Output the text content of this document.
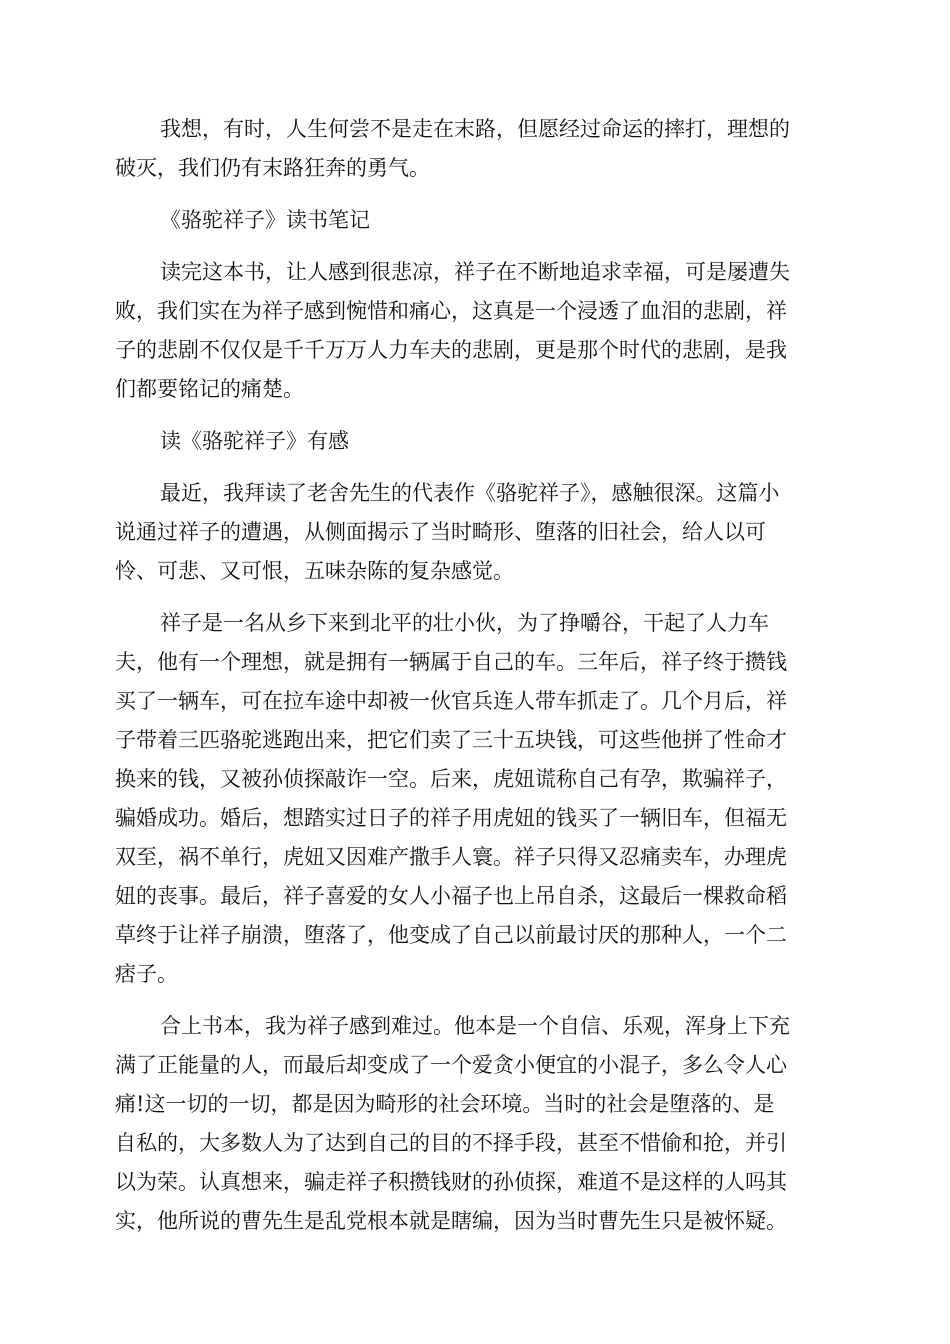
我想，有时，人生何尝不是走在末路，但愿经过命运的摔打，理想的
破灭，我们仍有末路狂奔的勇气。
《骆驼祥子》读书笔记
读完这本书，让人感到很悲凉，祥子在不断地追求幸福，可是屡遭失
败，我们实在为祥子感到惋惜和痛心，这真是一个浸透了血泪的悲剧，祥
子的悲剧不仅仅是千千万万人力车夫的悲剧，更是那个时代的悲剧，是我
们都要铭记的痛楚。
读《骆驼祥子》有感
最近，我拜读了老舍先生的代表作《骆驼祥子》，感触很深。这篇小
说通过祥子的遭遇，从侧面揭示了当时畸形、堕落的旧社会，给人以可
怜、可悲、又可恨，五味杂陈的复杂感觉。
祥子是一名从乡下来到北平的壮小伙，为了挣嚼谷，干起了人力车
夫，他有一个理想，就是拥有一辆属于自己的车。三年后，祥子终于攒钱
买了一辆车，可在拉车途中却被一伙官兵连人带车抓走了。几个月后，祥
子带着三匹骆驼逃跑出来，把它们卖了三十五块钱，可这些他拼了性命才
换来的钱，又被孙侦探敲诈一空。后来，虎妞谎称自己有孕，欺骗祥子，
骗婚成功。婚后，想踏实过日子的祥子用虎妞的钱买了一辆旧车，但福无
双至，祸不单行，虎妞又因难产撒手人寰。祥子只得又忍痛卖车，办理虎
妞的丧事。最后，祥子喜爱的女人小福子也上吊自杀，这最后一棵救命稻
草终于让祥子崩溃，堕落了，他变成了自己以前最讨厌的那种人，一个二
痞子。
合上书本，我为祥子感到难过。他本是一个自信、乐观，浑身上下充
满了正能量的人，而最后却变成了一个爱贪小便宜的小混子，多么令人心
痛!这一切的一切，都是因为畸形的社会环境。当时的社会是堕落的、是
自私的，大多数人为了达到自己的目的不择手段，甚至不惜偷和抢，并引
以为荣。认真想来，骗走祥子积攒钱财的孙侦探，难道不是这样的人吗其
实，他所说的曹先生是乱党根本就是瞎编，因为当时曹先生只是被怀疑。
